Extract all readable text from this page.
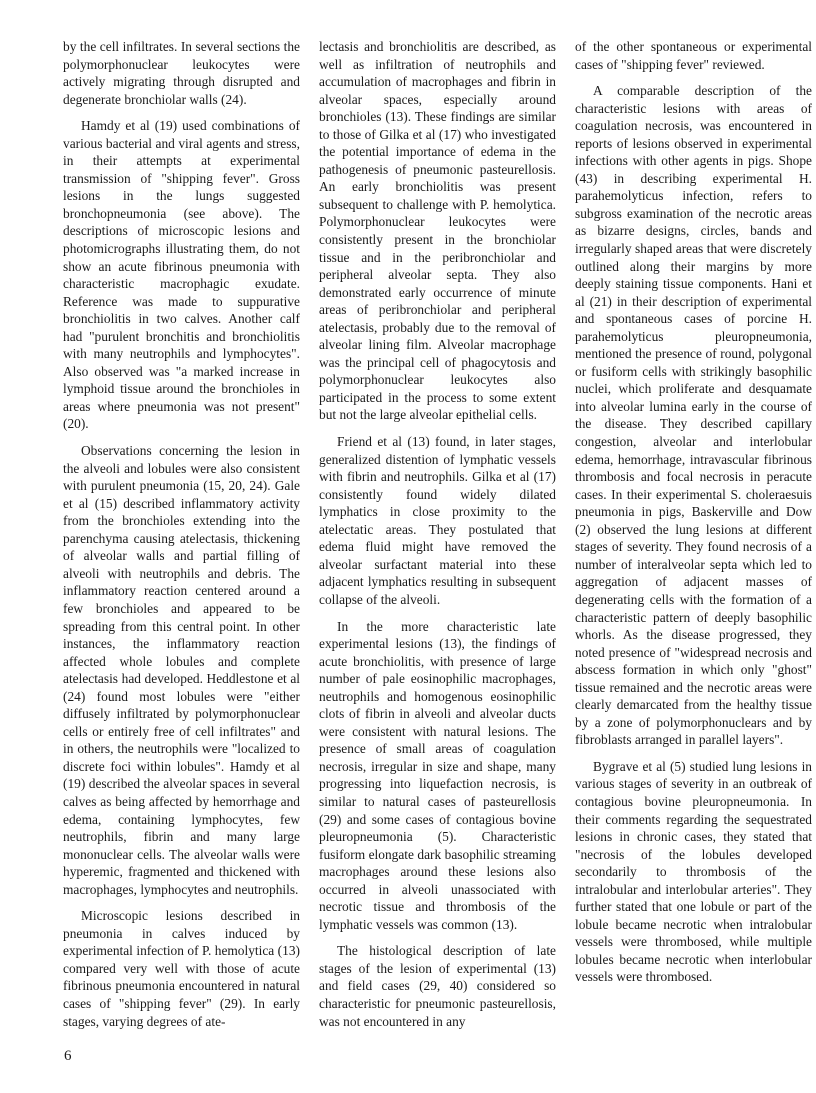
by the cell infiltrates. In several sections the polymorphonuclear leukocytes were actively migrating through disrupted and degenerate bronchiolar walls (24).

Hamdy et al (19) used combinations of various bacterial and viral agents and stress, in their attempts at experimental transmission of "shipping fever". Gross lesions in the lungs suggested bronchopneumonia (see above). The descriptions of microscopic lesions and photomicrographs illustrating them, do not show an acute fibrinous pneumonia with characteristic macrophagic exudate. Reference was made to suppurative bronchiolitis in two calves. Another calf had "purulent bronchitis and bronchiolitis with many neutrophils and lymphocytes". Also observed was "a marked increase in lymphoid tissue around the bronchioles in areas where pneumonia was not present" (20).

Observations concerning the lesion in the alveoli and lobules were also consistent with purulent pneumonia (15, 20, 24). Gale et al (15) described inflammatory activity from the bronchioles extending into the parenchyma causing atelectasis, thickening of alveolar walls and partial filling of alveoli with neutrophils and debris. The inflammatory reaction centered around a few bronchioles and appeared to be spreading from this central point. In other instances, the inflammatory reaction affected whole lobules and complete atelectasis had developed. Heddlestone et al (24) found most lobules were "either diffusely infiltrated by polymorphonuclear cells or entirely free of cell infiltrates" and in others, the neutrophils were "localized to discrete foci within lobules". Hamdy et al (19) described the alveolar spaces in several calves as being affected by hemorrhage and edema, containing lymphocytes, few neutrophils, fibrin and many large mononuclear cells. The alveolar walls were hyperemic, fragmented and thickened with macrophages, lymphocytes and neutrophils.

Microscopic lesions described in pneumonia in calves induced by experimental infection of P. hemolytica (13) compared very well with those of acute fibrinous pneumonia encountered in natural cases of "shipping fever" (29). In early stages, varying degrees of ate-

lectasis and bronchiolitis are described, as well as infiltration of neutrophils and accumulation of macrophages and fibrin in alveolar spaces, especially around bronchioles (13). These findings are similar to those of Gilka et al (17) who investigated the potential importance of edema in the pathogenesis of pneumonic pasteurellosis. An early bronchiolitis was present subsequent to challenge with P. hemolytica. Polymorphonuclear leukocytes were consistently present in the bronchiolar tissue and in the peribronchiolar and peripheral alveolar septa. They also demonstrated early occurrence of minute areas of peribronchiolar and peripheral atelectasis, probably due to the removal of alveolar lining film. Alveolar macrophage was the principal cell of phagocytosis and polymorphonuclear leukocytes also participated in the process to some extent but not the large alveolar epithelial cells.

Friend et al (13) found, in later stages, generalized distention of lymphatic vessels with fibrin and neutrophils. Gilka et al (17) consistently found widely dilated lymphatics in close proximity to the atelectatic areas. They postulated that edema fluid might have removed the alveolar surfactant material into these adjacent lymphatics resulting in subsequent collapse of the alveoli.

In the more characteristic late experimental lesions (13), the findings of acute bronchiolitis, with presence of large number of pale eosinophilic macrophages, neutrophils and homogenous eosinophilic clots of fibrin in alveoli and alveolar ducts were consistent with natural lesions. The presence of small areas of coagulation necrosis, irregular in size and shape, many progressing into liquefaction necrosis, is similar to natural cases of pasteurellosis (29) and some cases of contagious bovine pleuropneumonia (5). Characteristic fusiform elongate dark basophilic streaming macrophages around these lesions also occurred in alveoli unassociated with necrotic tissue and thrombosis of the lymphatic vessels was common (13).

The histological description of late stages of the lesion of experimental (13) and field cases (29, 40) considered so characteristic for pneumonic pasteurellosis, was not encountered in any

of the other spontaneous or experimental cases of "shipping fever" reviewed.

A comparable description of the characteristic lesions with areas of coagulation necrosis, was encountered in reports of lesions observed in experimental infections with other agents in pigs. Shope (43) in describing experimental H. parahemolyticus infection, refers to subgross examination of the necrotic areas as bizarre designs, circles, bands and irregularly shaped areas that were discretely outlined along their margins by more deeply staining tissue components. Hani et al (21) in their description of experimental and spontaneous cases of porcine H. parahemolyticus pleuropneumonia, mentioned the presence of round, polygonal or fusiform cells with strikingly basophilic nuclei, which proliferate and desquamate into alveolar lumina early in the course of the disease. They described capillary congestion, alveolar and interlobular edema, hemorrhage, intravascular fibrinous thrombosis and focal necrosis in peracute cases. In their experimental S. choleraesuis pneumonia in pigs, Baskerville and Dow (2) observed the lung lesions at different stages of severity. They found necrosis of a number of interalveolar septa which led to aggregation of adjacent masses of degenerating cells with the formation of a characteristic pattern of deeply basophilic whorls. As the disease progressed, they noted presence of "widespread necrosis and abscess formation in which only "ghost" tissue remained and the necrotic areas were clearly demarcated from the healthy tissue by a zone of polymorphonuclears and by fibroblasts arranged in parallel layers".

Bygrave et al (5) studied lung lesions in various stages of severity in an outbreak of contagious bovine pleuropneumonia. In their comments regarding the sequestrated lesions in chronic cases, they stated that "necrosis of the lobules developed secondarily to thrombosis of the intralobular and interlobular arteries". They further stated that one lobule or part of the lobule became necrotic when intralobular vessels were thrombosed, while multiple lobules became necrotic when interlobular vessels were thrombosed.

6
